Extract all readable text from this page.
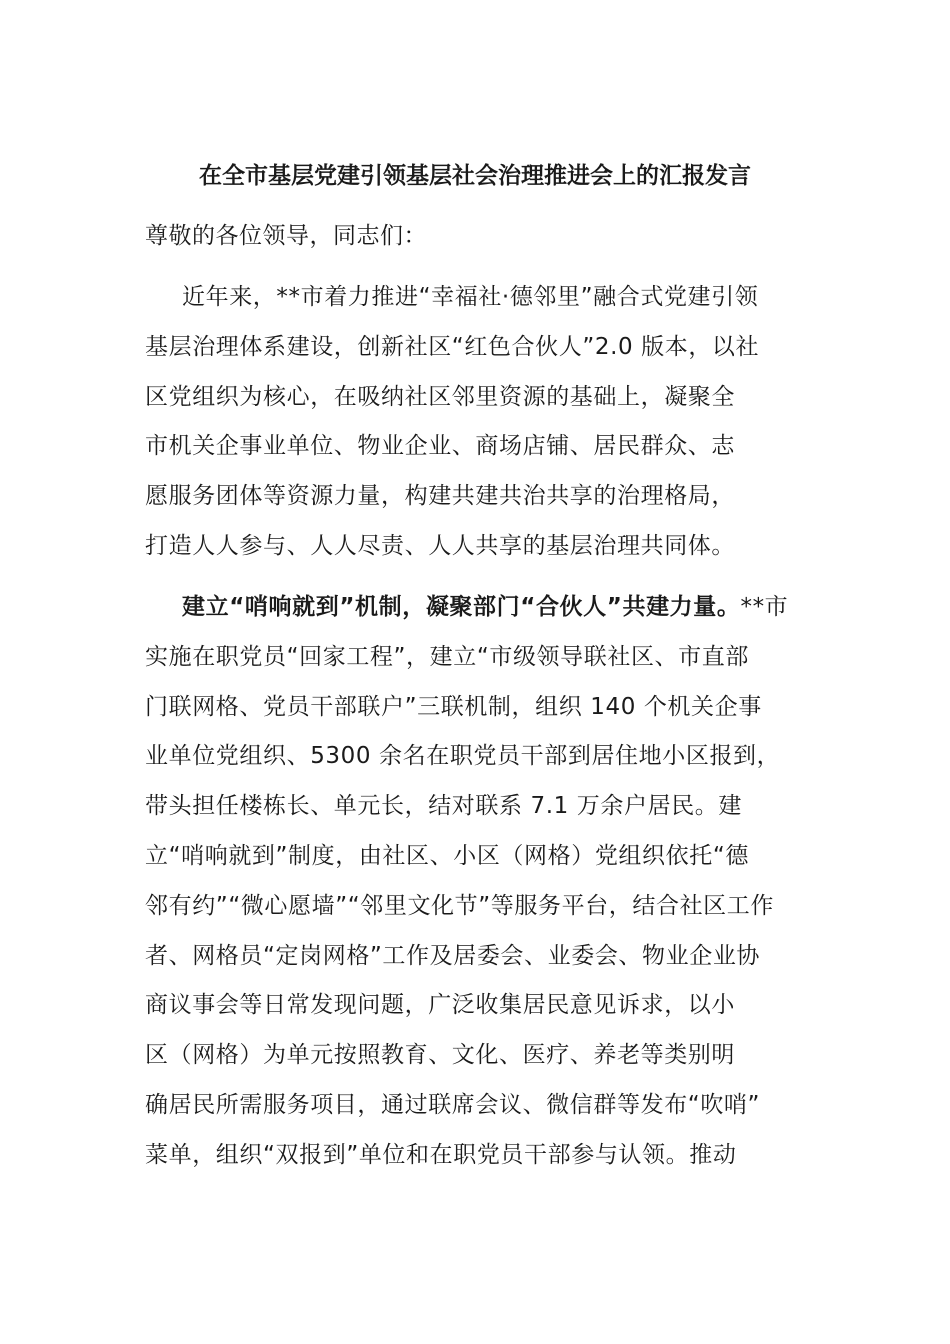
在全市基层党建引领基层社会治理推进会上的汇报发言
尊敬的各位领导，同志们：
近年来，**市着力推进“幸福社·德邻里”融合式党建引领
基层治理体系建设，创新社区“红色合伙人”2.0 版本，以社
区党组织为核心，在吸纳社区邻里资源的基础上，凝聚全
市机关企事业单位、物业企业、商场店铺、居民群众、志
愿服务团体等资源力量，构建共建共治共享的治理格局，
打造人人参与、人人尽责、人人共享的基层治理共同体。
建立“哨响就到”机制，凝聚部门“合伙人”共建力量。**市
实施在职党员“回家工程”，建立“市级领导联社区、市直部
门联网格、党员干部联户”三联机制，组织 140 个机关企事
业单位党组织、5300 余名在职党员干部到居住地小区报到，
带头担任楼栋长、单元长，结对联系 7.1 万余户居民。建
立“哨响就到”制度，由社区、小区（网格）党组织依托“德
邻有约”“微心愿墙”“邻里文化节”等服务平台，结合社区工作
者、网格员“定岗网格”工作及居委会、业委会、物业企业协
商议事会等日常发现问题，广泛收集居民意见诉求，以小
区（网格）为单元按照教育、文化、医疗、养老等类别明
确居民所需服务项目，通过联席会议、微信群等发布“吹哨”
菜单，组织“双报到”单位和在职党员干部参与认领。推动
